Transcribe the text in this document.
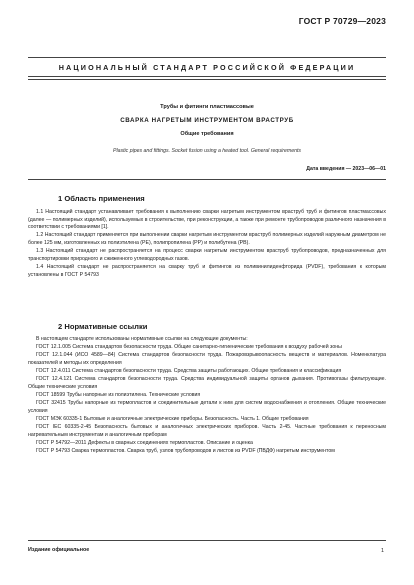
ГОСТ Р 70729—2023
НАЦИОНАЛЬНЫЙ СТАНДАРТ РОССИЙСКОЙ ФЕДЕРАЦИИ
Трубы и фитинги пластмассовые
СВАРКА НАГРЕТЫМ ИНСТРУМЕНТОМ ВРАСТРУБ
Общие требования
Plastic pipes and fittings. Socket fusion using a heated tool. General requirements
Дата введения — 2023—06—01
1 Область применения

1.1 Настоящий стандарт устанавливает требования к выполнению сварки нагретым инструментом враструб труб и фитингов пластмассовых (далее — полимерных изделий), используемых в строительстве, при реконструкции, а также при ремонте трубопроводов различного назначения в соответствии с требованиями [1].

1.2 Настоящий стандарт применяется при выполнении сварки нагретым инструментом враструб полимерных изделий наружным диаметром не более 125 мм, изготовленных из полиэтилена (PE), полипропилена (PP) и полибутена (PB).

1.3 Настоящий стандарт не распространяется на процесс сварки нагретым инструментом враструб трубопроводов, предназначенных для транспортировки природного и сжиженного углеводородных газов.

1.4 Настоящий стандарт не распространяется на сварку труб и фитингов из поливинилиденфторида (PVDF), требования к которым установлены в ГОСТ Р 54793

2 Нормативные ссылки

В настоящем стандарте использованы нормативные ссылки на следующие документы:

ГОСТ 12.1.005 Система стандартов безопасности труда. Общие санитарно-гигиенические требования к воздуху рабочей зоны

ГОСТ 12.1.044 (ИСО 4589—84) Система стандартов безопасности труда. Пожаровзрывоопасность веществ и материалов. Номенклатура показателей и методы их определения

ГОСТ 12.4.011 Система стандартов безопасности труда. Средства защиты работающих. Общие требования и классификация

ГОСТ 12.4.121 Система стандартов безопасности труда. Средства индивидуальной защиты органов дыхания. Противогазы фильтрующие. Общие технические условия

ГОСТ 18599 Трубы напорные из полиэтилена. Технические условия

ГОСТ 32415 Трубы напорные из термопластов и соединительные детали к ним для систем водоснабжения и отопления. Общие технические условия

ГОСТ МЭК 60335-1 Бытовые и аналогичные электрические приборы. Безопасность. Часть 1. Общие требования

ГОСТ IEC 60335-2-45 Безопасность бытовых и аналогичных электрических приборов. Часть 2-45. Частные требования к переносным нагревательным инструментам и аналогичным приборам

ГОСТ Р 54792—2011 Дефекты в сварных соединениях термопластов. Описание и оценка

ГОСТ Р 54793 Сварка термопластов. Сварка труб, узлов трубопроводов и листов из PVDF (ПВДФ) нагретым инструментом

Издание официальное	1
